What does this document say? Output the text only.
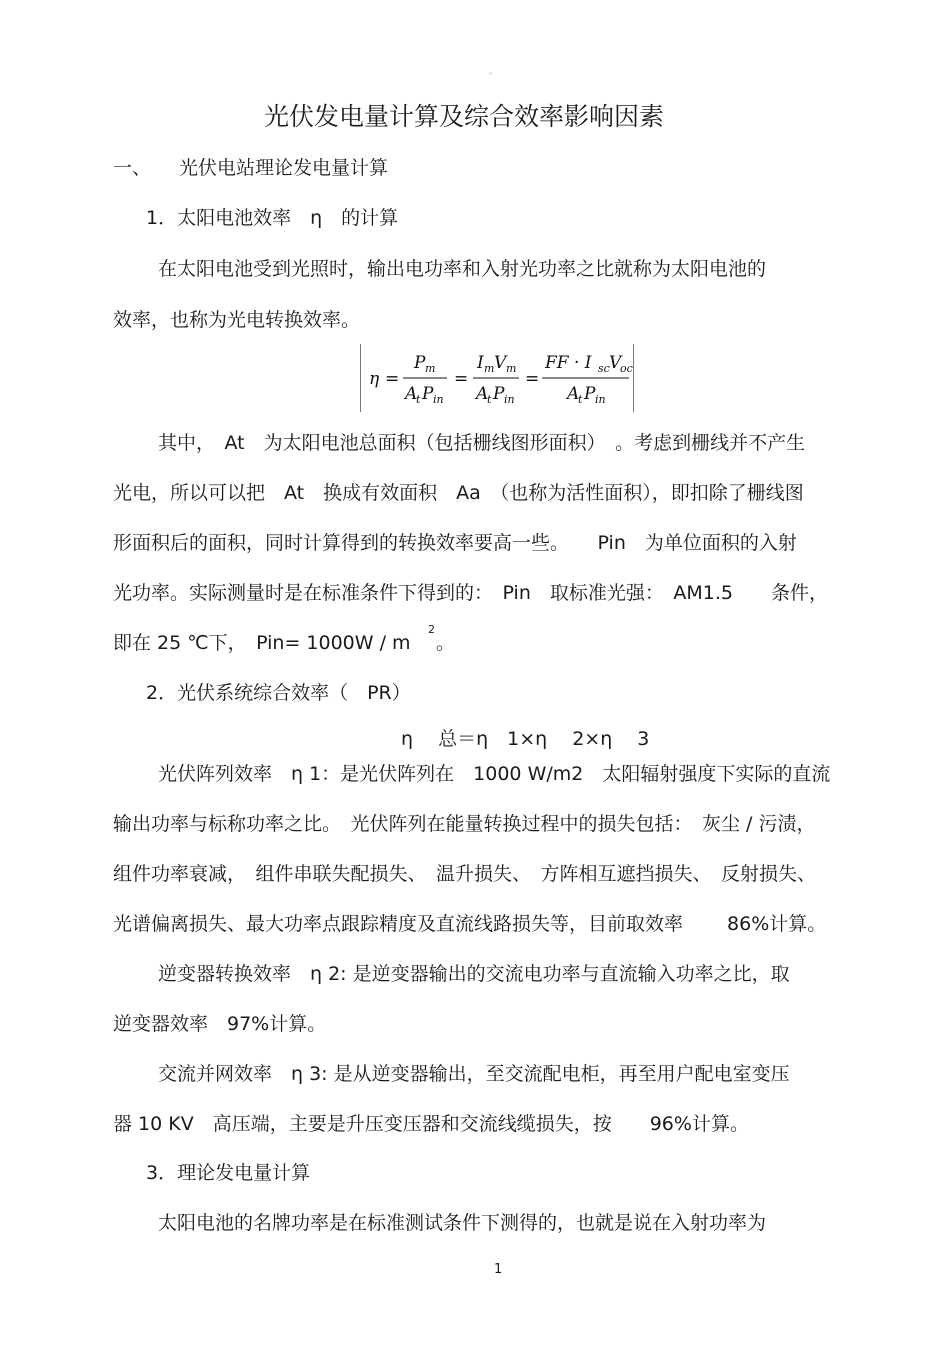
。
光伏发电量计算及综合效率影响因素
一、 光伏电站理论发电量计算
1．太阳电池效率　η　的计算
在太阳电池受到光照时，输出电功率和入射光功率之比就称为太阳电池的
效率，也称为光电转换效率。
η =
P m
A
t P in
=
I m V m
A
t P in
=
FF · I sc V
oc
A
t P in
其中，　At　为太阳电池总面积（包括栅线图形面积）　。考虑到栅线并不产生
光电，所以可以把　At　换成有效面积　Aa　（也称为活性面积），即扣除了栅线图
形面积后的面积，同时计算得到的转换效率要高一些。　　Pin　为单位面积的入射
光功率。实际测量时是在标准条件下得到的：　Pin　取标准光强：　AM1.5　　条件，
即在 25 ℃下，　Pin= 1000W / m
2
。
2．光伏系统综合效率（　PR）
η　 总＝η　1×η　 2×η　 3
光伏阵列效率　η 1：是光伏阵列在　1000 W/m2　太阳辐射强度下实际的直流
输出功率与标称功率之比。　光伏阵列在能量转换过程中的损失包括：　灰尘 / 污渍，
组件功率衰减，　组件串联失配损失、　温升损失、　方阵相互遮挡损失、　反射损失、
光谱偏离损失、最大功率点跟踪精度及直流线路损失等，目前取效率　　 86%计算。
逆变器转换效率　η 2: 是逆变器输出的交流电功率与直流输入功率之比，取
逆变器效率　97%计算。
交流并网效率　η 3: 是从逆变器输出，至交流配电柜，再至用户配电室变压
器 10 KV　高压端，主要是升压变压器和交流线缆损失，按　　96%计算。
3．理论发电量计算
太阳电池的名牌功率是在标准测试条件下测得的，也就是说在入射功率为
1
